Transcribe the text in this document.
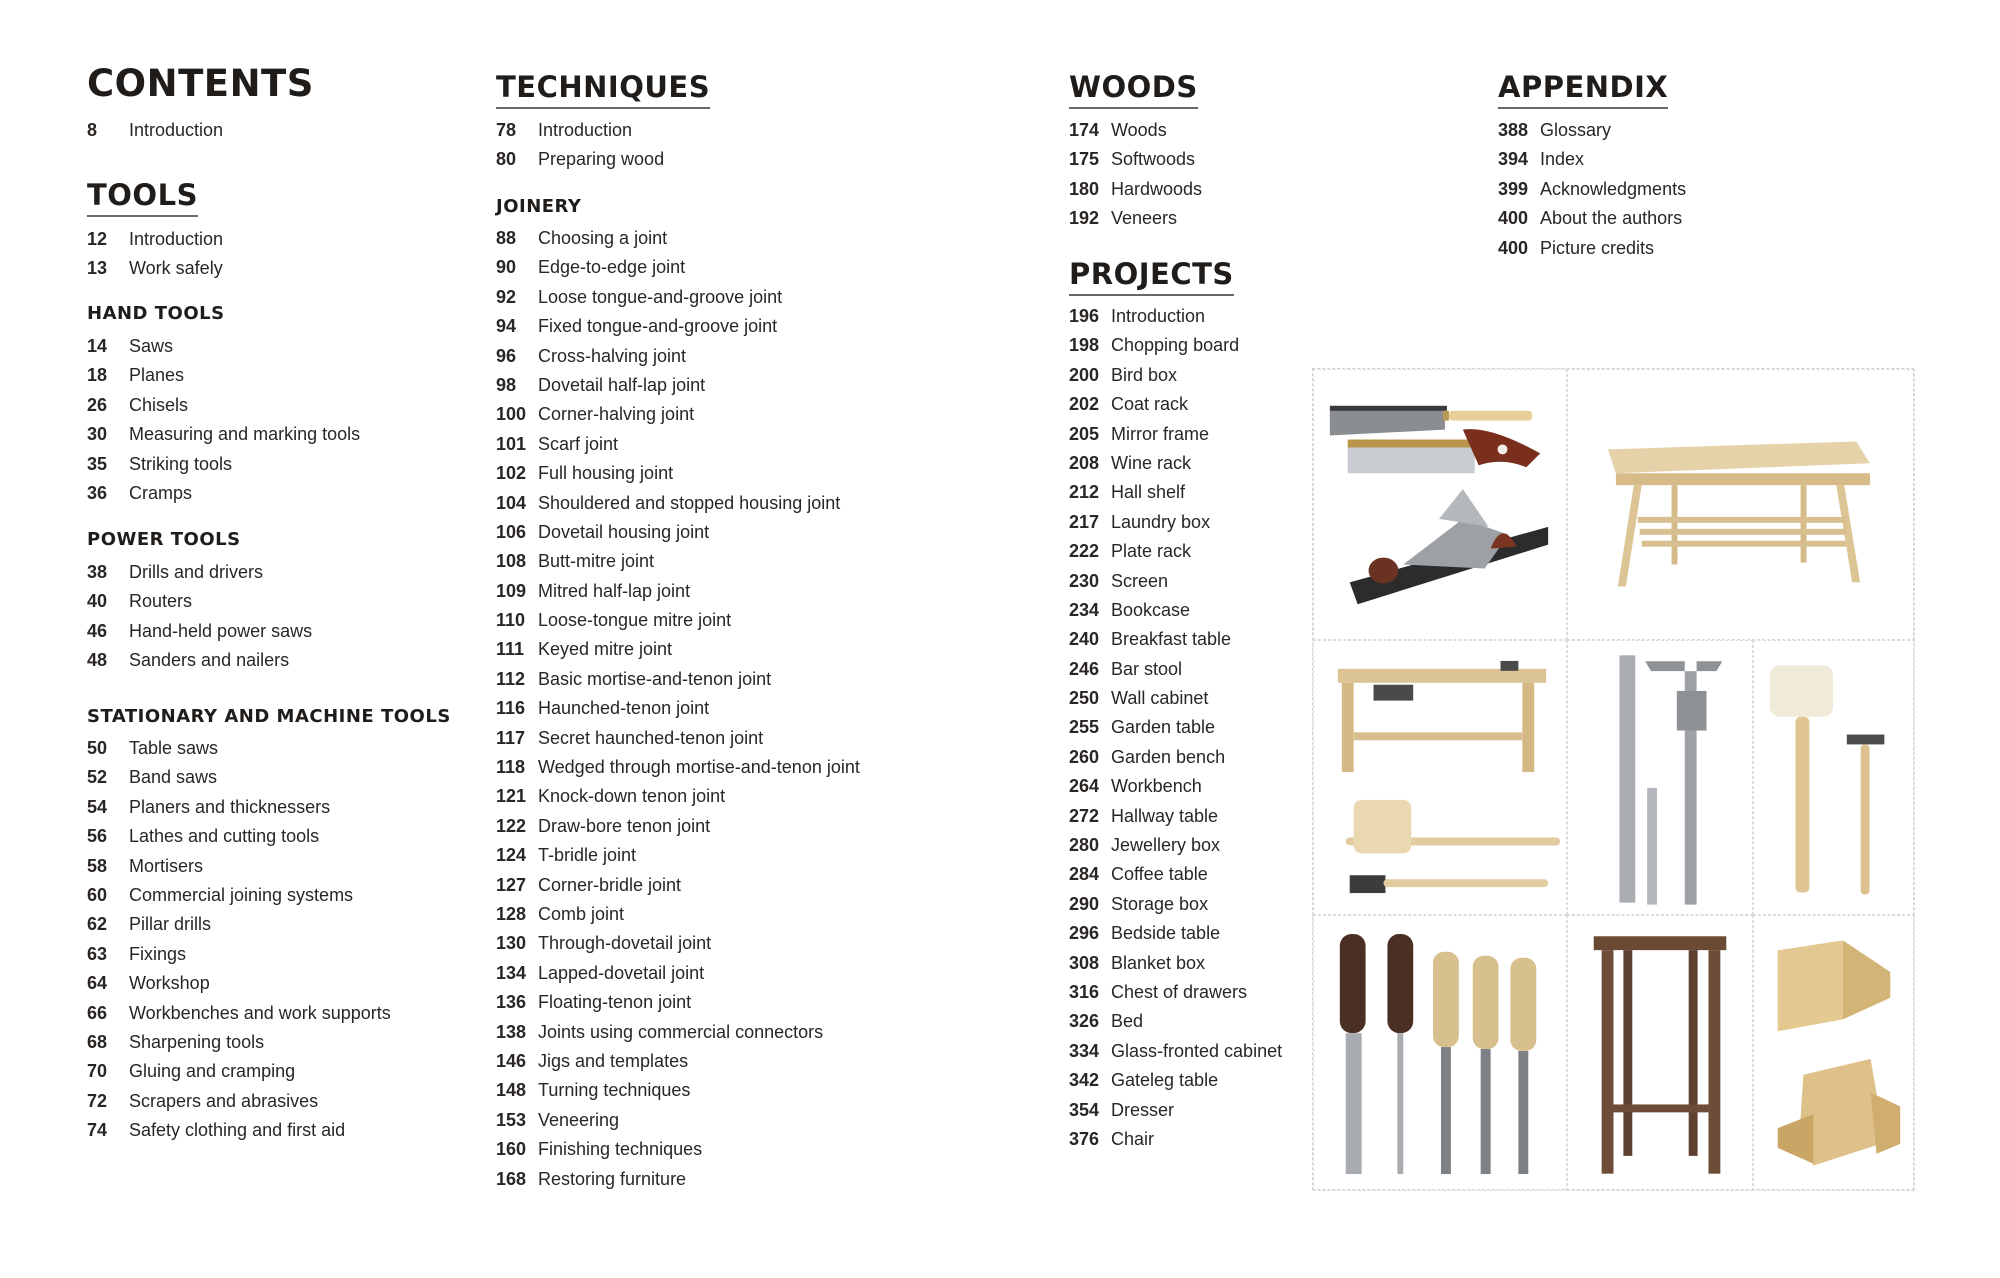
CONTENTS
8 Introduction
TOOLS
12 Introduction
13 Work safely
HAND TOOLS
14 Saws
18 Planes
26 Chisels
30 Measuring and marking tools
35 Striking tools
36 Cramps
POWER TOOLS
38 Drills and drivers
40 Routers
46 Hand-held power saws
48 Sanders and nailers
STATIONARY AND MACHINE TOOLS
50 Table saws
52 Band saws
54 Planers and thicknessers
56 Lathes and cutting tools
58 Mortisers
60 Commercial joining systems
62 Pillar drills
63 Fixings
64 Workshop
66 Workbenches and work supports
68 Sharpening tools
70 Gluing and cramping
72 Scrapers and abrasives
74 Safety clothing and first aid
TECHNIQUES
78 Introduction
80 Preparing wood
JOINERY
88 Choosing a joint
90 Edge-to-edge joint
92 Loose tongue-and-groove joint
94 Fixed tongue-and-groove joint
96 Cross-halving joint
98 Dovetail half-lap joint
100 Corner-halving joint
101 Scarf joint
102 Full housing joint
104 Shouldered and stopped housing joint
106 Dovetail housing joint
108 Butt-mitre joint
109 Mitred half-lap joint
110 Loose-tongue mitre joint
111 Keyed mitre joint
112 Basic mortise-and-tenon joint
116 Haunched-tenon joint
117 Secret haunched-tenon joint
118 Wedged through mortise-and-tenon joint
121 Knock-down tenon joint
122 Draw-bore tenon joint
124 T-bridle joint
127 Corner-bridle joint
128 Comb joint
130 Through-dovetail joint
134 Lapped-dovetail joint
136 Floating-tenon joint
138 Joints using commercial connectors
146 Jigs and templates
148 Turning techniques
153 Veneering
160 Finishing techniques
168 Restoring furniture
WOODS
174 Woods
175 Softwoods
180 Hardwoods
192 Veneers
PROJECTS
196 Introduction
198 Chopping board
200 Bird box
202 Coat rack
205 Mirror frame
208 Wine rack
212 Hall shelf
217 Laundry box
222 Plate rack
230 Screen
234 Bookcase
240 Breakfast table
246 Bar stool
250 Wall cabinet
255 Garden table
260 Garden bench
264 Workbench
272 Hallway table
280 Jewellery box
284 Coffee table
290 Storage box
296 Bedside table
308 Blanket box
316 Chest of drawers
326 Bed
334 Glass-fronted cabinet
342 Gateleg table
354 Dresser
376 Chair
APPENDIX
388 Glossary
394 Index
399 Acknowledgments
400 About the authors
400 Picture credits
